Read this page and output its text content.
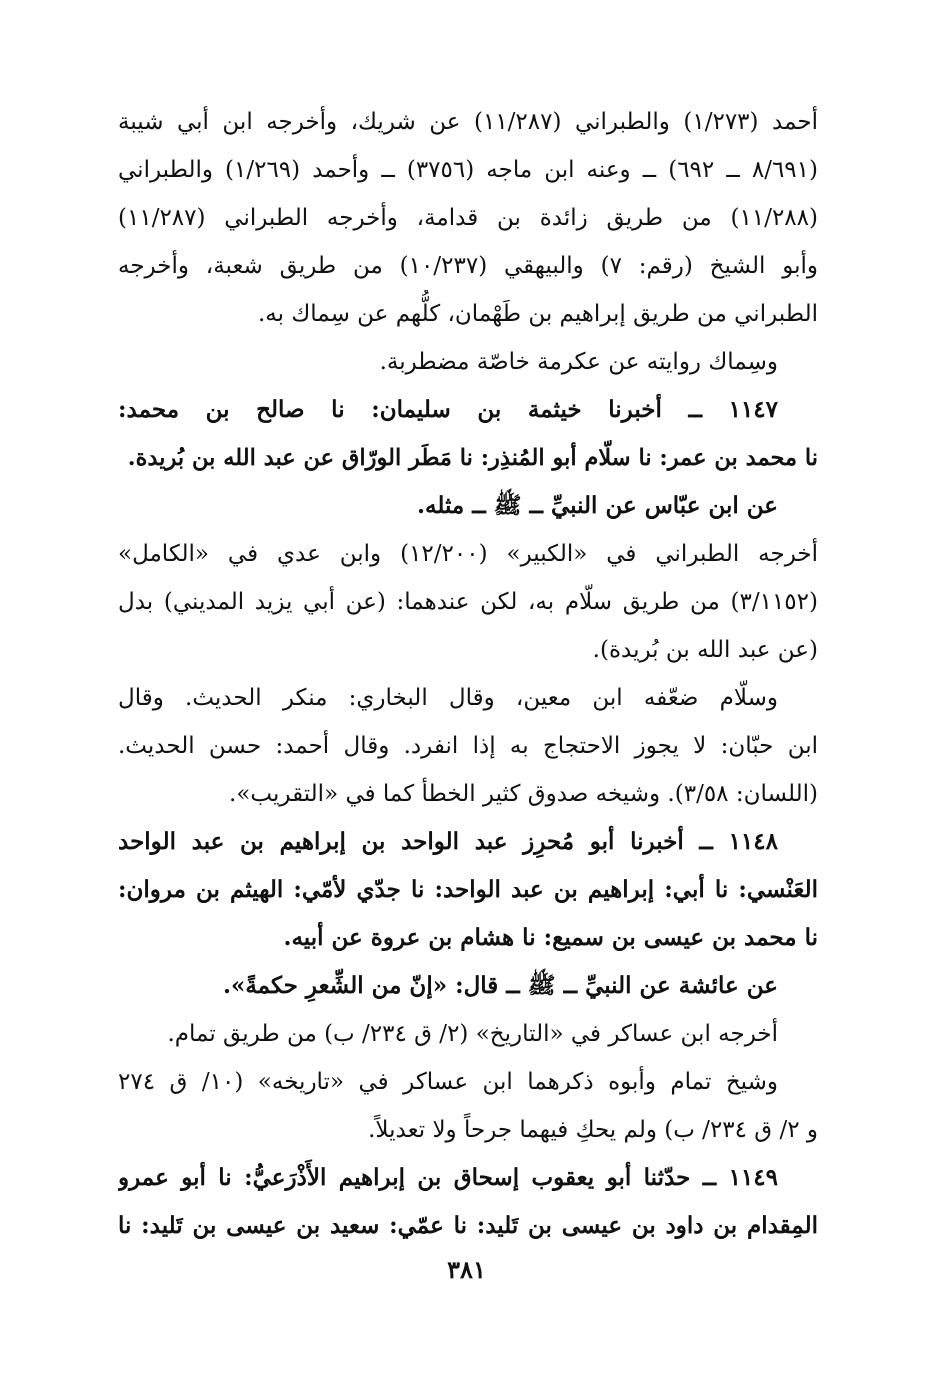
أحمد (١/٢٧٣) والطبراني (١١/٢٨٧) عن شريك، وأخرجه ابن أبي شيبة
(٨/٦٩١ ــ ٦٩٢) ــ وعنه ابن ماجه (٣٧٥٦) ــ وأحمد (١/٢٦٩) والطبراني
(١١/٢٨٨) من طريق زائدة بن قدامة، وأخرجه الطبراني (١١/٢٨٧)
وأبو الشيخ (رقم: ٧) والبيهقي (١٠/٢٣٧) من طريق شعبة، وأخرجه
الطبراني من طريق إبراهيم بن طَهْمان، كلُّهم عن سِماك به.
وسِماك روايته عن عكرمة خاصّة مضطربة.
١١٤٧ ــ أخبرنا خيثمة بن سليمان: نا صالح بن محمد:
نا محمد بن عمر: نا سلّام أبو المُنذِر: نا مَطَر الورّاق عن عبد الله بن بُريدة.
عن ابن عبّاس عن النبيِّ ــ ﷺ ــ مثله.
أخرجه الطبراني في «الكبير» (١٢/٢٠٠) وابن عدي في «الكامل»
(٣/١١٥٢) من طريق سلّام به، لكن عندهما: (عن أبي يزيد المديني) بدل
(عن عبد الله بن بُريدة).
وسلّام ضعّفه ابن معين، وقال البخاري: منكر الحديث. وقال
ابن حبّان: لا يجوز الاحتجاج به إذا انفرد. وقال أحمد: حسن الحديث.
(اللسان: ٣/٥٨). وشيخه صدوق كثير الخطأ كما في «التقريب».
١١٤٨ ــ أخبرنا أبو مُحرِز عبد الواحد بن إبراهيم بن عبد الواحد
العَنْسي: نا أبي: إبراهيم بن عبد الواحد: نا جدّي لأمّي: الهيثم بن مروان:
نا محمد بن عيسى بن سميع: نا هشام بن عروة عن أبيه.
عن عائشة عن النبيِّ ــ ﷺ ــ قال: «إنّ من الشِّعرِ حكمةً».
أخرجه ابن عساكر في «التاريخ» (٢/ ق ٢٣٤/ ب) من طريق تمام.
وشيخ تمام وأبوه ذكرهما ابن عساكر في «تاريخه» (١٠/ ق ٢٧٤
و ٢/ ق ٢٣٤/ ب) ولم يحكِ فيهما جرحاً ولا تعديلاً.
١١٤٩ ــ حدّثنا أبو يعقوب إسحاق بن إبراهيم الأَذْرَعيُّ: نا أبو عمرو
المِقدام بن داود بن عيسى بن تَليد: نا عمّي: سعيد بن عيسى بن تَليد: نا
٣٨١
